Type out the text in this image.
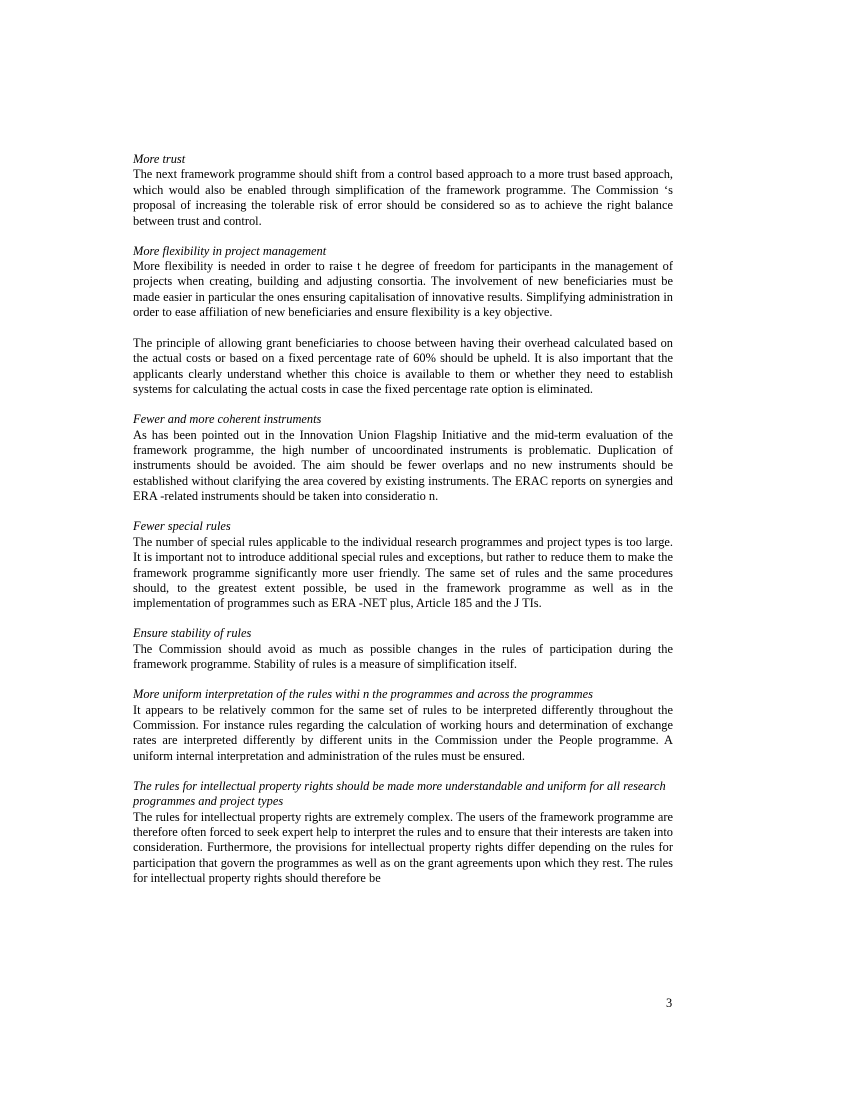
More trust

The next framework programme should shift from a control based approach to a more trust based approach, which would also be enabled through simplification of the framework programme. The Commission ‘s proposal of increasing the tolerable risk of error should be considered so as to achieve the right balance between trust and control.

More flexibility in project management

More flexibility is needed in order to raise t he degree of freedom for participants in the management of projects when creating, building and adjusting consortia. The involvement of new beneficiaries must be made easier in particular the ones ensuring capitalisation of innovative results. Simplifying administration in order to ease affiliation of new beneficiaries and ensure flexibility is a key objective.

The principle of allowing grant beneficiaries to choose between having their overhead calculated based on the actual costs or based on a fixed percentage rate of 60% should be upheld. It is also important that the applicants clearly understand whether this choice is available to them or whether they need to establish systems for calculating the actual costs in case the fixed percentage rate option is eliminated.

Fewer and more coherent instruments

As has been pointed out in the Innovation Union Flagship Initiative and the mid-term evaluation of the framework programme, the high number of uncoordinated instruments is problematic. Duplication of instruments should be avoided. The aim should be fewer overlaps and no new instruments should be established without clarifying the area covered by existing instruments. The ERAC reports on synergies and ERA -related instruments should be taken into consideratio n.

Fewer special rules

The number of special rules applicable to the individual research programmes and project types is too large. It is important not to introduce additional special rules and exceptions, but rather to reduce them to make the framework programme significantly more user friendly. The same set of rules and the same procedures should, to the greatest extent possible, be used in the framework programme as well as in the implementation of programmes such as ERA -NET plus, Article 185 and the J TIs.

Ensure stability of rules

The Commission should avoid as much as possible changes in the rules of participation during the framework programme. Stability of rules is a measure of simplification itself.

More uniform interpretation of the rules withi n the programmes and across the programmes

It appears to be relatively common for the same set of rules to be interpreted differently throughout the Commission. For instance rules regarding the calculation of working hours and determination of exchange rates are interpreted differently by different units in the Commission under the People programme. A uniform internal interpretation and administration of the rules must be ensured.

The rules for intellectual property rights should be made more understandable and uniform for all research programmes and project types

The rules for intellectual property rights are extremely complex. The users of the framework programme are therefore often forced to seek expert help to interpret the rules and to ensure that their interests are taken into consideration. Furthermore, the provisions for intellectual property rights differ depending on the rules for participation that govern the programmes as well as on the grant agreements upon which they rest. The rules for intellectual property rights should therefore be

3
